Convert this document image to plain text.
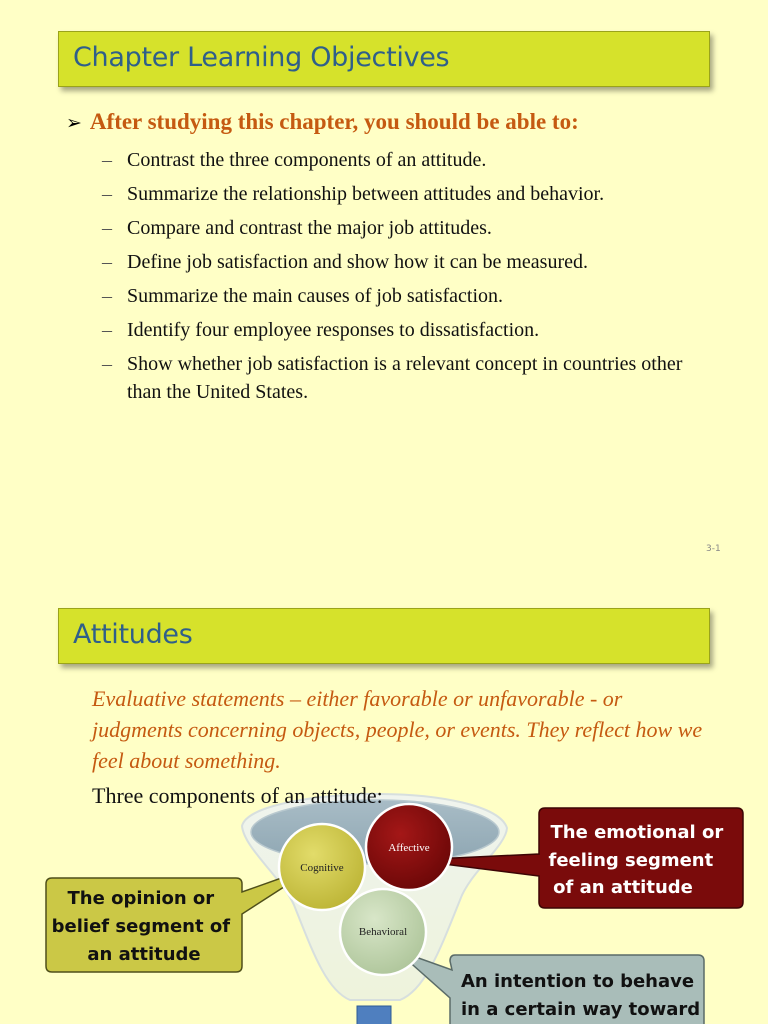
Chapter Learning Objectives
➢ After studying this chapter, you should be able to:
– Contrast the three components of an attitude.
– Summarize the relationship between attitudes and behavior.
– Compare and contrast the major job attitudes.
– Define job satisfaction and show how it can be measured.
– Summarize the main causes of job satisfaction.
– Identify four employee responses to dissatisfaction.
– Show whether job satisfaction is a relevant concept in countries other than the United States.
3-1
Attitudes
Evaluative statements – either favorable or unfavorable - or judgments concerning objects, people, or events. They reflect how we feel about something.
The opinion or belief segment of an attitude
The emotional or feeling segment of an attitude
An intention to behave in a certain way toward
Affective
Cognitive
Behavioral
Three components of an attitude:
